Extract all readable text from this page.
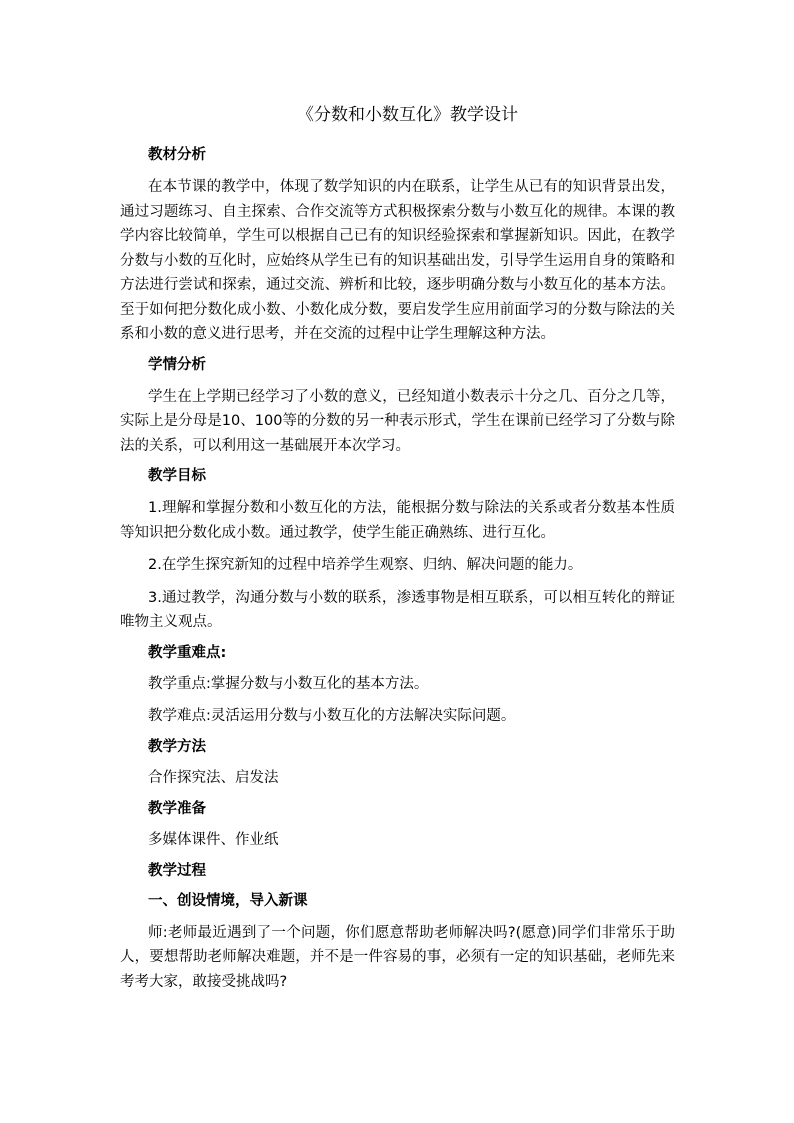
《分数和小数互化》教学设计
教材分析
在本节课的教学中，体现了数学知识的内在联系，让学生从已有的知识背景出发，通过习题练习、自主探索、合作交流等方式积极探索分数与小数互化的规律。本课的教学内容比较简单，学生可以根据自己已有的知识经验探索和掌握新知识。因此，在教学分数与小数的互化时，应始终从学生已有的知识基础出发，引导学生运用自身的策略和方法进行尝试和探索，通过交流、辨析和比较，逐步明确分数与小数互化的基本方法。至于如何把分数化成小数、小数化成分数，要启发学生应用前面学习的分数与除法的关系和小数的意义进行思考，并在交流的过程中让学生理解这种方法。
学情分析
学生在上学期已经学习了小数的意义，已经知道小数表示十分之几、百分之几等，实际上是分母是10、100等的分数的另一种表示形式，学生在课前已经学习了分数与除法的关系，可以利用这一基础展开本次学习。
教学目标
1.理解和掌握分数和小数互化的方法，能根据分数与除法的关系或者分数基本性质等知识把分数化成小数。通过教学，使学生能正确熟练、进行互化。
2.在学生探究新知的过程中培养学生观察、归纳、解决问题的能力。
3.通过教学，沟通分数与小数的联系，渗透事物是相互联系，可以相互转化的辩证唯物主义观点。
教学重难点:
教学重点:掌握分数与小数互化的基本方法。
教学难点:灵活运用分数与小数互化的方法解决实际问题。
教学方法
合作探究法、启发法
教学准备
多媒体课件、作业纸
教学过程
一、创设情境，导入新课
师:老师最近遇到了一个问题，你们愿意帮助老师解决吗?(愿意)同学们非常乐于助人，要想帮助老师解决难题，并不是一件容易的事，必须有一定的知识基础，老师先来考考大家，敢接受挑战吗?
